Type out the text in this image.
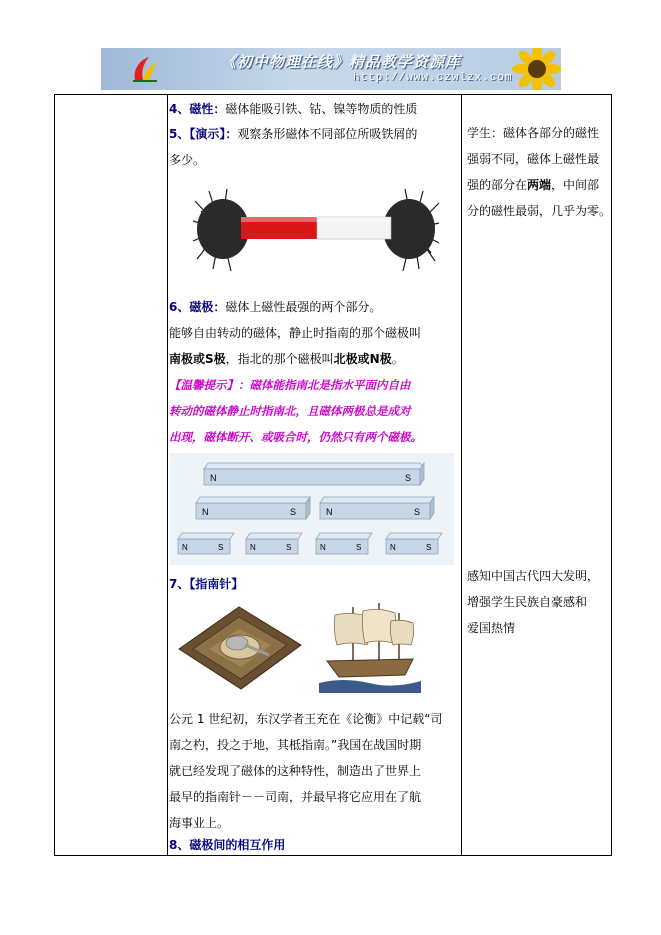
《初中物理在线》精品教学资源库
http://www.czwlzx.com
4、磁性：磁体能吸引铁、钴、镍等物质的性质
5、【演示】：观察条形磁体不同部位所吸铁屑的
多少。
6、磁极：磁体上磁性最强的两个部分。
能够自由转动的磁体，静止时指南的那个磁极叫
南极或S极，指北的那个磁极叫北极或N极。
【温馨提示】：磁体能指南北是指水平面内自由
转动的磁体静止时指南北，且磁体两极总是成对
出现，磁体断开、或吸合时，仍然只有两个磁极。
N	S
N	S	N	S
N	S	N	S	N	S	N	S
7、【指南针】
公元 1 世纪初，东汉学者王充在《论衡》中记载“司
南之杓，投之于地，其柢指南。”我国在战国时期
就已经发现了磁体的这种特性，制造出了世界上
最早的指南针－－司南，并最早将它应用在了航
海事业上。
8、磁极间的相互作用
学生：磁体各部分的磁性
强弱不同，磁体上磁性最
强的部分在两端，中间部
分的磁性最弱，几乎为零。
感知中国古代四大发明，
增强学生民族自豪感和
爱国热情
